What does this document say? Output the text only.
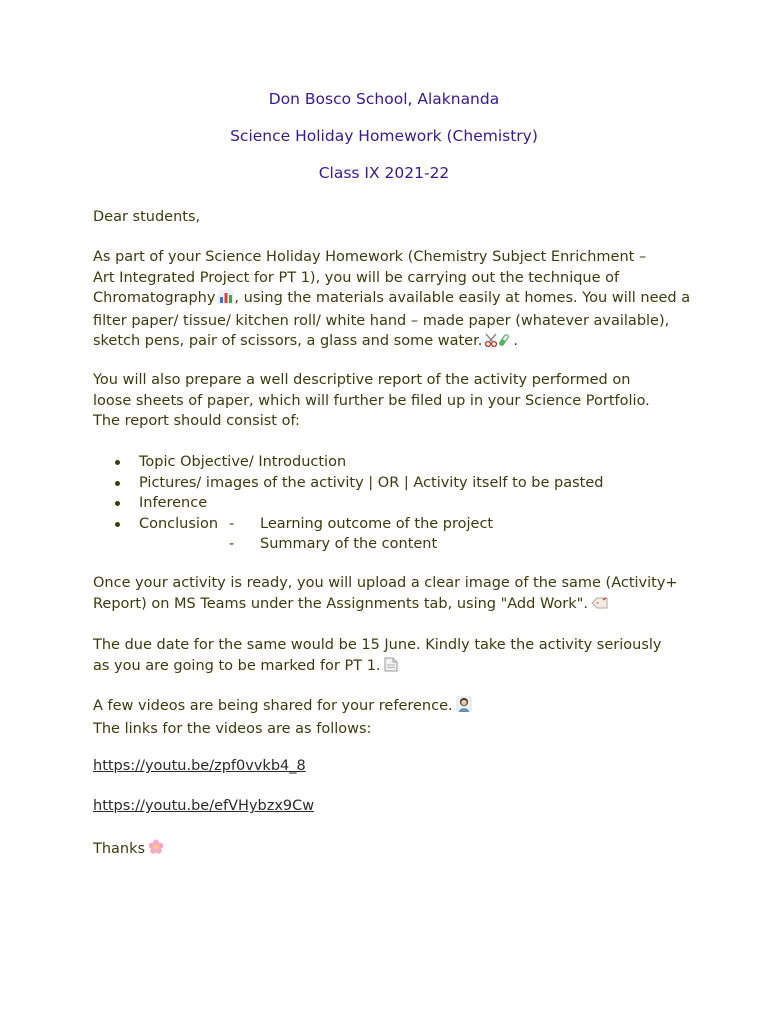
Don Bosco School, Alaknanda
Science Holiday Homework (Chemistry)
Class IX 2021-22
Dear students,
As part of your Science Holiday Homework (Chemistry Subject Enrichment –
Art Integrated Project for PT 1), you will be carrying out the technique of
Chromatography , using the materials available easily at homes. You will need a
filter paper/ tissue/ kitchen roll/ white hand – made paper (whatever available),
sketch pens, pair of scissors, a glass and some water. .
You will also prepare a well descriptive report of the activity performed on
loose sheets of paper, which will further be filed up in your Science Portfolio.
The report should consist of:
Topic Objective/ Introduction
Pictures/ images of the activity | OR | Activity itself to be pasted
Inference
Conclusion -	Learning outcome of the project
- Summary of the content
Once your activity is ready, you will upload a clear image of the same (Activity+
Report) on MS Teams under the Assignments tab, using "Add Work".
The due date for the same would be 15 June. Kindly take the activity seriously
as you are going to be marked for PT 1.
A few videos are being shared for your reference.
The links for the videos are as follows:
https://youtu.be/zpf0vvkb4_8
https://youtu.be/efVHybzx9Cw
Thanks
